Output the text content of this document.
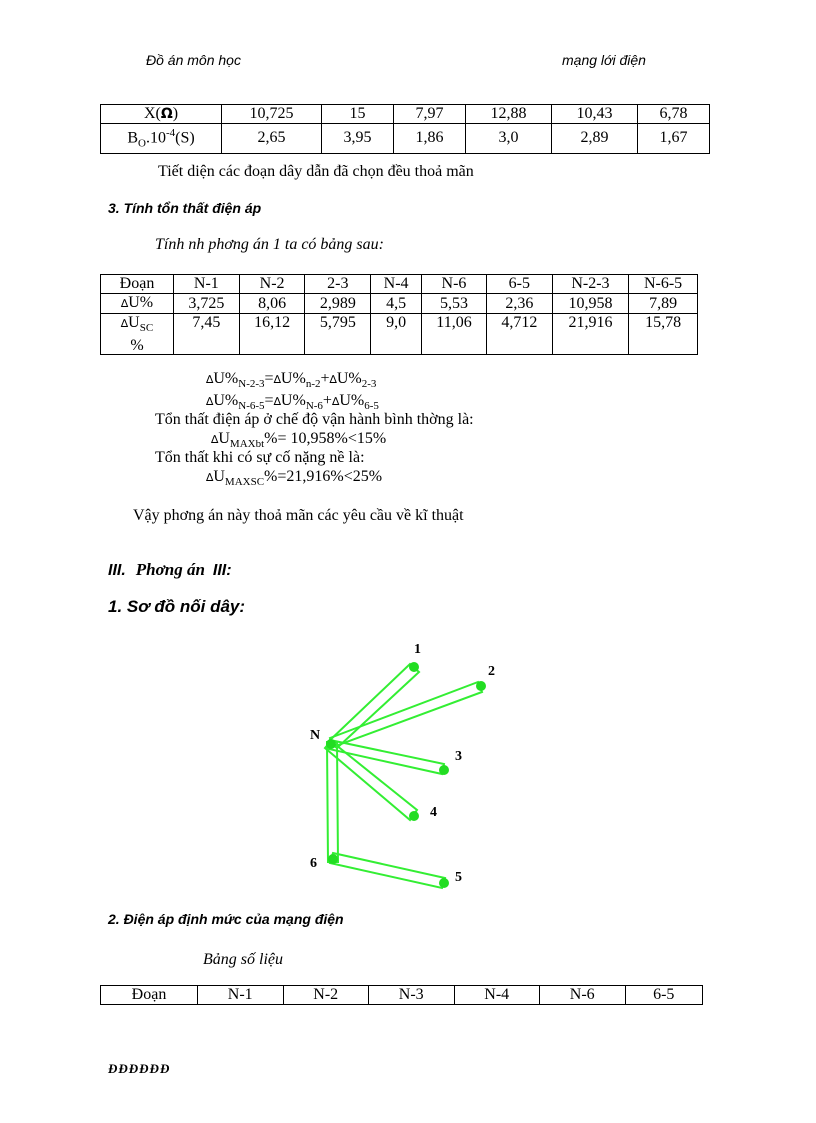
Đồ án môn học	mạng lới điện
X(Ω)	10,725	15	7,97	12,88	10,43	6,78
$B_O.10^{-4}(S)$	2,65	3,95	1,86	3,0	2,89	1,67
Tiết diện các đoạn dây dẫn đã chọn đều thoả mãn
3. Tính tổn thất điện áp
Tính nh phơng án 1 ta có bảng sau:
Đoạn	N-1	N-2	2-3	N-4	N-6	6-5	N-2-3	N-6-5
∆U%	3,725	8,06	2,989	4,5	5,53	2,36	10,958	7,89
$\Delta U_{SC}$
%	7,45	16,12	5,795	9,0	11,06	4,712	21,916	15,78
$\Delta U\%_{N-2-3}=\Delta U\%_{n-2}+\Delta U\%_{2-3}$
$\Delta U\%_{N-6-5}=\Delta U\%_{N-6}+\Delta U\%_{6-5}$
Tổn thất điện áp ở chế độ vận hành bình thờng là:
$\Delta U_{MAXbt}\%= 10,958\%<15\%$
Tổn thất khi có sự cố nặng nề là:
$\Delta U_{MAXSC}\%=21,916\%<25\%$
Vậy phơng án này thoả mãn các yêu cầu về kĩ thuật
III. Phơng án III:
1. Sơ đồ nối dây:
N
1
2
3
4
6
5
2. Điện áp định mức của mạng điện
Bảng số liệu
Đoạn	N-1	N-2	N-3	N-4	N-6	6-5
ĐĐĐĐĐĐ
